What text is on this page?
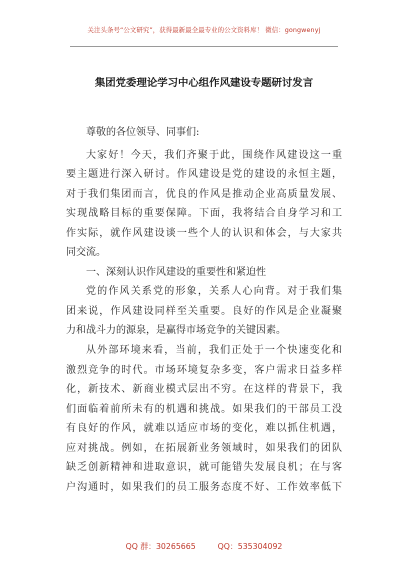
关注头条号“公文研究”，获得最新最全最专业的公文资料库！ 微信：gongwenyj
集团党委理论学习中心组作风建设专题研讨发言
尊敬的各位领导、同事们:
大家好！今天，我们齐聚于此，围绕作风建设这一重
要主题进行深入研讨。作风建设是党的建设的永恒主题，
对于我们集团而言，优良的作风是推动企业高质量发展、
实现战略目标的重要保障。下面，我将结合自身学习和工
作实际，就作风建设谈一些个人的认识和体会，与大家共
同交流。
一、深刻认识作风建设的重要性和紧迫性
党的作风关系党的形象，关系人心向背。对于我们集
团来说，作风建设同样至关重要。良好的作风是企业凝聚
力和战斗力的源泉，是赢得市场竞争的关键因素。
从外部环境来看，当前，我们正处于一个快速变化和
激烈竞争的时代。市场环境复杂多变，客户需求日益多样
化，新技术、新商业模式层出不穷。在这样的背景下，我
们面临着前所未有的机遇和挑战。如果我们的干部员工没
有良好的作风，就难以适应市场的变化，难以抓住机遇，
应对挑战。例如，在拓展新业务领域时，如果我们的团队
缺乏创新精神和进取意识，就可能错失发展良机；在与客
户沟通时，如果我们的员工服务态度不好、工作效率低下
QQ 群：30265665	QQ：535304092
